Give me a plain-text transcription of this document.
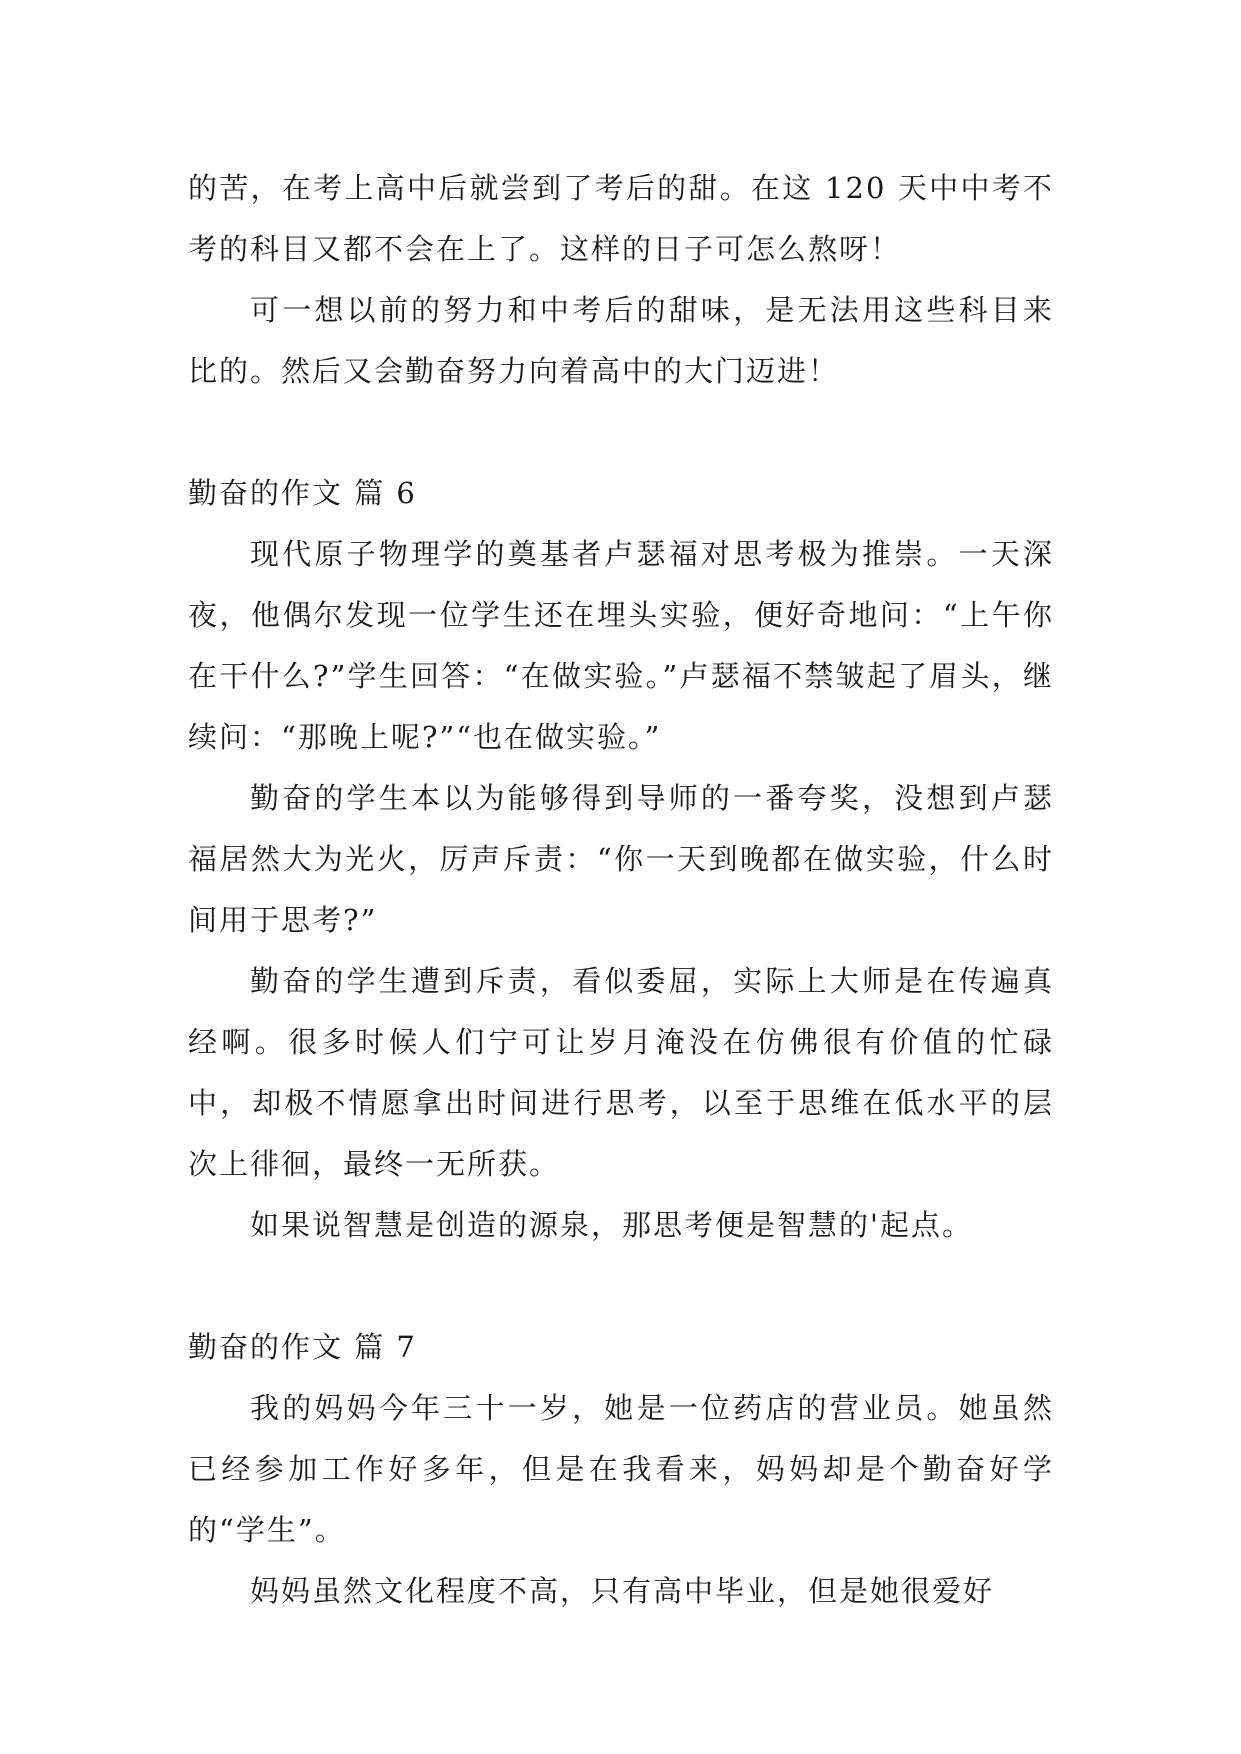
的苦，在考上高中后就尝到了考后的甜。在这 120 天中中考不考的科目又都不会在上了。这样的日子可怎么熬呀！

可一想以前的努力和中考后的甜味，是无法用这些科目来比的。然后又会勤奋努力向着高中的大门迈进！

勤奋的作文 篇 6

现代原子物理学的奠基者卢瑟福对思考极为推崇。一天深夜，他偶尔发现一位学生还在埋头实验，便好奇地问：“上午你在干什么?”学生回答：“在做实验。”卢瑟福不禁皱起了眉头，继续问：“那晚上呢?”“也在做实验。”

勤奋的学生本以为能够得到导师的一番夸奖，没想到卢瑟福居然大为光火，厉声斥责：“你一天到晚都在做实验，什么时间用于思考?”

勤奋的学生遭到斥责，看似委屈，实际上大师是在传遍真经啊。很多时候人们宁可让岁月淹没在仿佛很有价值的忙碌中，却极不情愿拿出时间进行思考，以至于思维在低水平的层次上徘徊，最终一无所获。

如果说智慧是创造的源泉，那思考便是智慧的'起点。

勤奋的作文 篇 7

我的妈妈今年三十一岁，她是一位药店的营业员。她虽然已经参加工作好多年，但是在我看来，妈妈却是个勤奋好学的“学生”。

妈妈虽然文化程度不高，只有高中毕业，但是她很爱好
